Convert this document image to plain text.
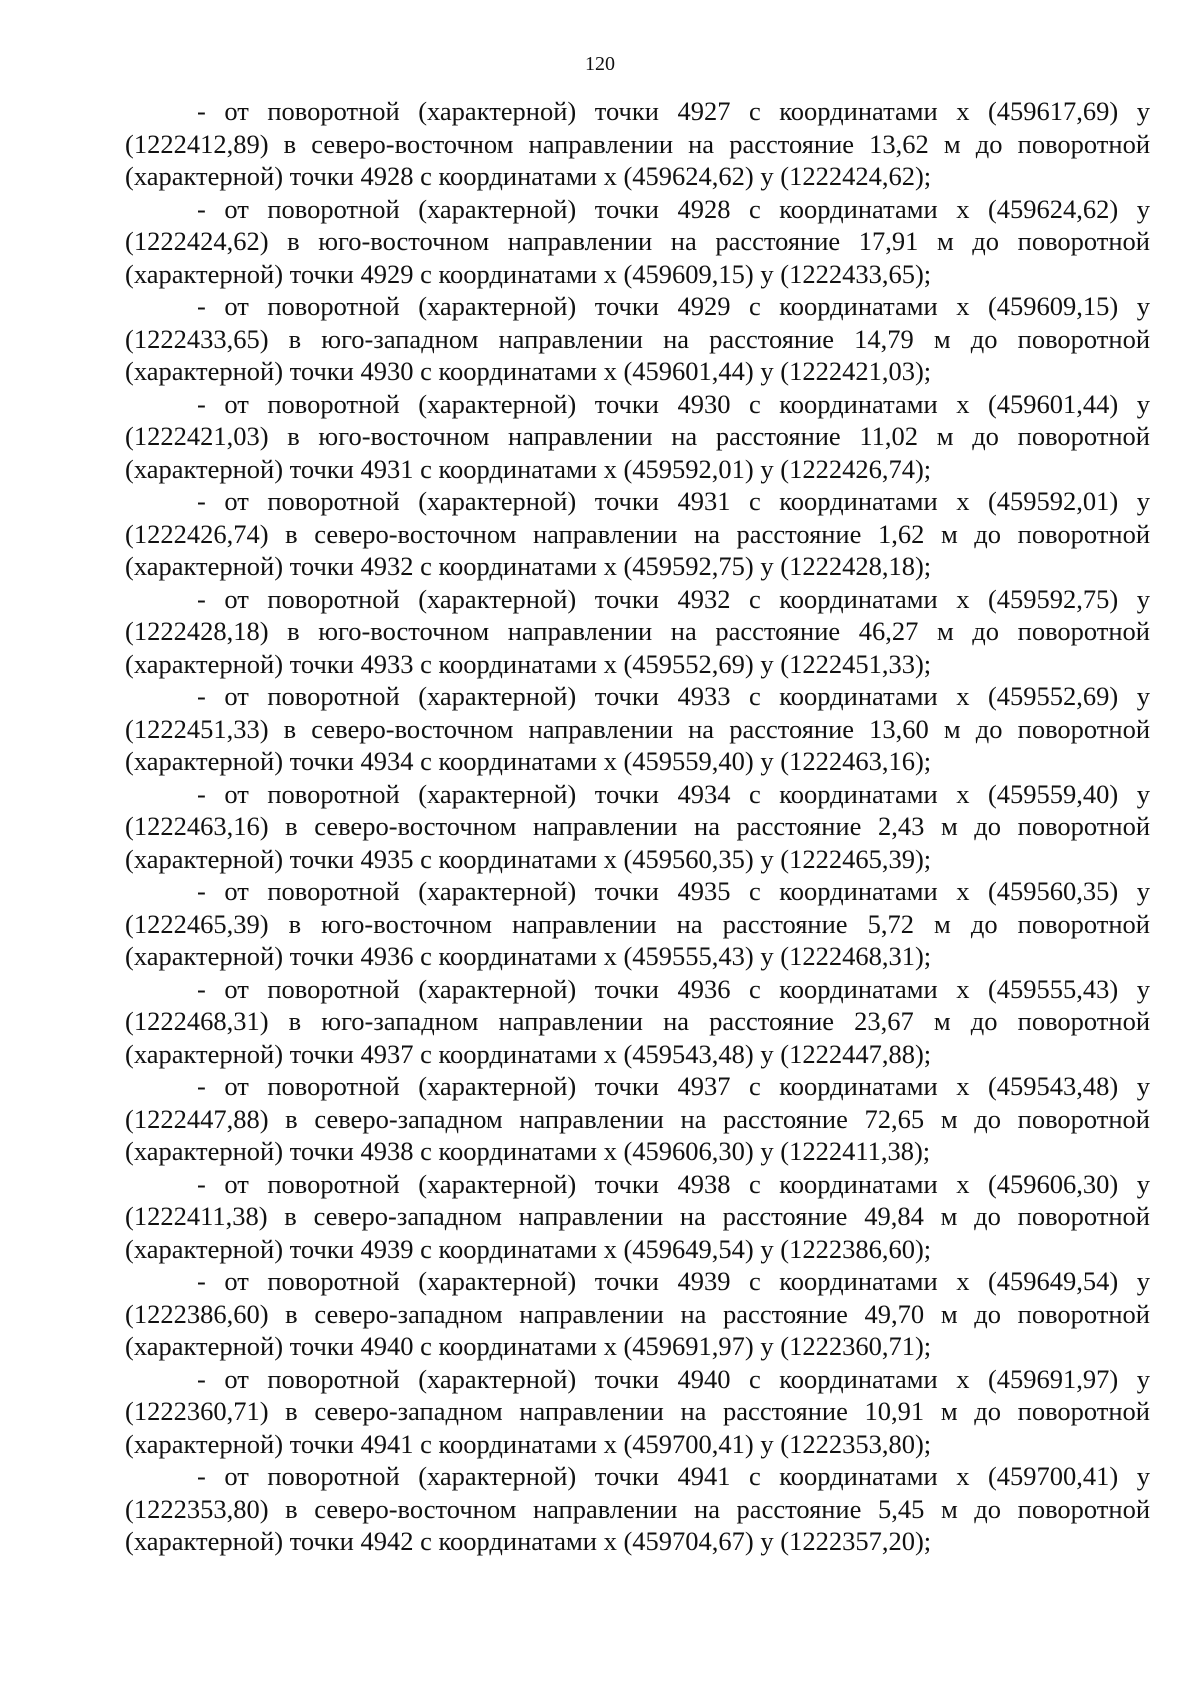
120

- от поворотной (характерной) точки 4927 с координатами x (459617,69) y (1222412,89) в северо-восточном направлении на расстояние 13,62 м до поворотной (характерной) точки 4928 с координатами x (459624,62) y (1222424,62);

- от поворотной (характерной) точки 4928 с координатами x (459624,62) y (1222424,62) в юго-восточном направлении на расстояние 17,91 м до поворотной (характерной) точки 4929 с координатами x (459609,15) y (1222433,65);

- от поворотной (характерной) точки 4929 с координатами x (459609,15) y (1222433,65) в юго-западном направлении на расстояние 14,79 м до поворотной (характерной) точки 4930 с координатами x (459601,44) y (1222421,03);

- от поворотной (характерной) точки 4930 с координатами x (459601,44) y (1222421,03) в юго-восточном направлении на расстояние 11,02 м до поворотной (характерной) точки 4931 с координатами x (459592,01) y (1222426,74);

- от поворотной (характерной) точки 4931 с координатами x (459592,01) y (1222426,74) в северо-восточном направлении на расстояние 1,62 м до поворотной (характерной) точки 4932 с координатами x (459592,75) y (1222428,18);

- от поворотной (характерной) точки 4932 с координатами x (459592,75) y (1222428,18) в юго-восточном направлении на расстояние 46,27 м до поворотной (характерной) точки 4933 с координатами x (459552,69) y (1222451,33);

- от поворотной (характерной) точки 4933 с координатами x (459552,69) y (1222451,33) в северо-восточном направлении на расстояние 13,60 м до поворотной (характерной) точки 4934 с координатами x (459559,40) y (1222463,16);

- от поворотной (характерной) точки 4934 с координатами x (459559,40) y (1222463,16) в северо-восточном направлении на расстояние 2,43 м до поворотной (характерной) точки 4935 с координатами x (459560,35) y (1222465,39);

- от поворотной (характерной) точки 4935 с координатами x (459560,35) y (1222465,39) в юго-восточном направлении на расстояние 5,72 м до поворотной (характерной) точки 4936 с координатами x (459555,43) y (1222468,31);

- от поворотной (характерной) точки 4936 с координатами x (459555,43) y (1222468,31) в юго-западном направлении на расстояние 23,67 м до поворотной (характерной) точки 4937 с координатами x (459543,48) y (1222447,88);

- от поворотной (характерной) точки 4937 с координатами x (459543,48) y (1222447,88) в северо-западном направлении на расстояние 72,65 м до поворотной (характерной) точки 4938 с координатами x (459606,30) y (1222411,38);

- от поворотной (характерной) точки 4938 с координатами x (459606,30) y (1222411,38) в северо-западном направлении на расстояние 49,84 м до поворотной (характерной) точки 4939 с координатами x (459649,54) y (1222386,60);

- от поворотной (характерной) точки 4939 с координатами x (459649,54) y (1222386,60) в северо-западном направлении на расстояние 49,70 м до поворотной (характерной) точки 4940 с координатами x (459691,97) y (1222360,71);

- от поворотной (характерной) точки 4940 с координатами x (459691,97) y (1222360,71) в северо-западном направлении на расстояние 10,91 м до поворотной (характерной) точки 4941 с координатами x (459700,41) y (1222353,80);

- от поворотной (характерной) точки 4941 с координатами x (459700,41) y (1222353,80) в северо-восточном направлении на расстояние 5,45 м до поворотной (характерной) точки 4942 с координатами x (459704,67) y (1222357,20);
